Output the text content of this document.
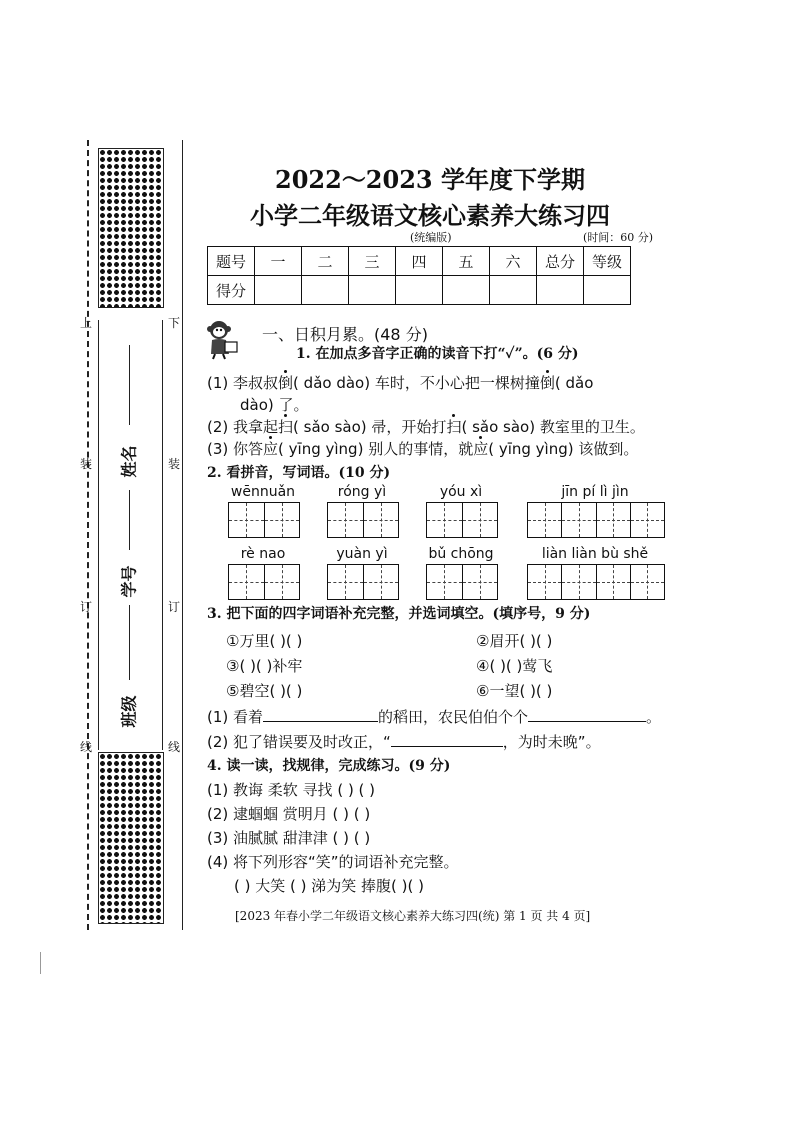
上	下
装	装
订	订
线	线
姓名
学号
班级
2022～2023 学年度下学期
小学二年级语文核心素养大练习四
(统编版)	(时间：60 分)
题号	一	二	三	四	五	六	总分	等级
得分								
一、日积月累。(48 分)
1. 在加点多音字正确的读音下打“✓”。(6 分)
(1) 李叔叔倒( dǎo dào) 车时，不小心把一棵树撞倒( dǎo
dào) 了。
(2) 我拿起扫( sǎo sào) 帚，开始打扫( sǎo sào) 教室里的卫生。
(3) 你答应( yīng yìng) 别人的事情，就应( yīng yìng) 该做到。
2. 看拼音，写词语。(10 分)
wēnnuǎn	róng yì	yóu xì	jīn pí lì jìn
rè nao	yuàn yì	bǔ chōng	liàn liàn bù shě
3. 把下面的四字词语补充完整，并选词填空。(填序号，9 分)
①万里( )( )	②眉开( )( )
③( )( )补牢	④( )( )莺飞
⑤碧空( )( )	⑥一望( )( )
(1) 看着	的稻田，农民伯伯个个	。
(2) 犯了错误要及时改正，“	，为时未晚”。
4. 读一读，找规律，完成练习。(9 分)
(1) 教诲 柔软 寻找 ( ) ( )
(2) 逮蝈蝈 赏明月 ( ) ( )
(3) 油腻腻 甜津津 ( ) ( )
(4) 将下列形容“笑”的词语补充完整。
( ) 大笑 ( ) 涕为笑 捧腹( )( )
[2023 年春小学二年级语文核心素养大练习四(统) 第 1 页 共 4 页]
